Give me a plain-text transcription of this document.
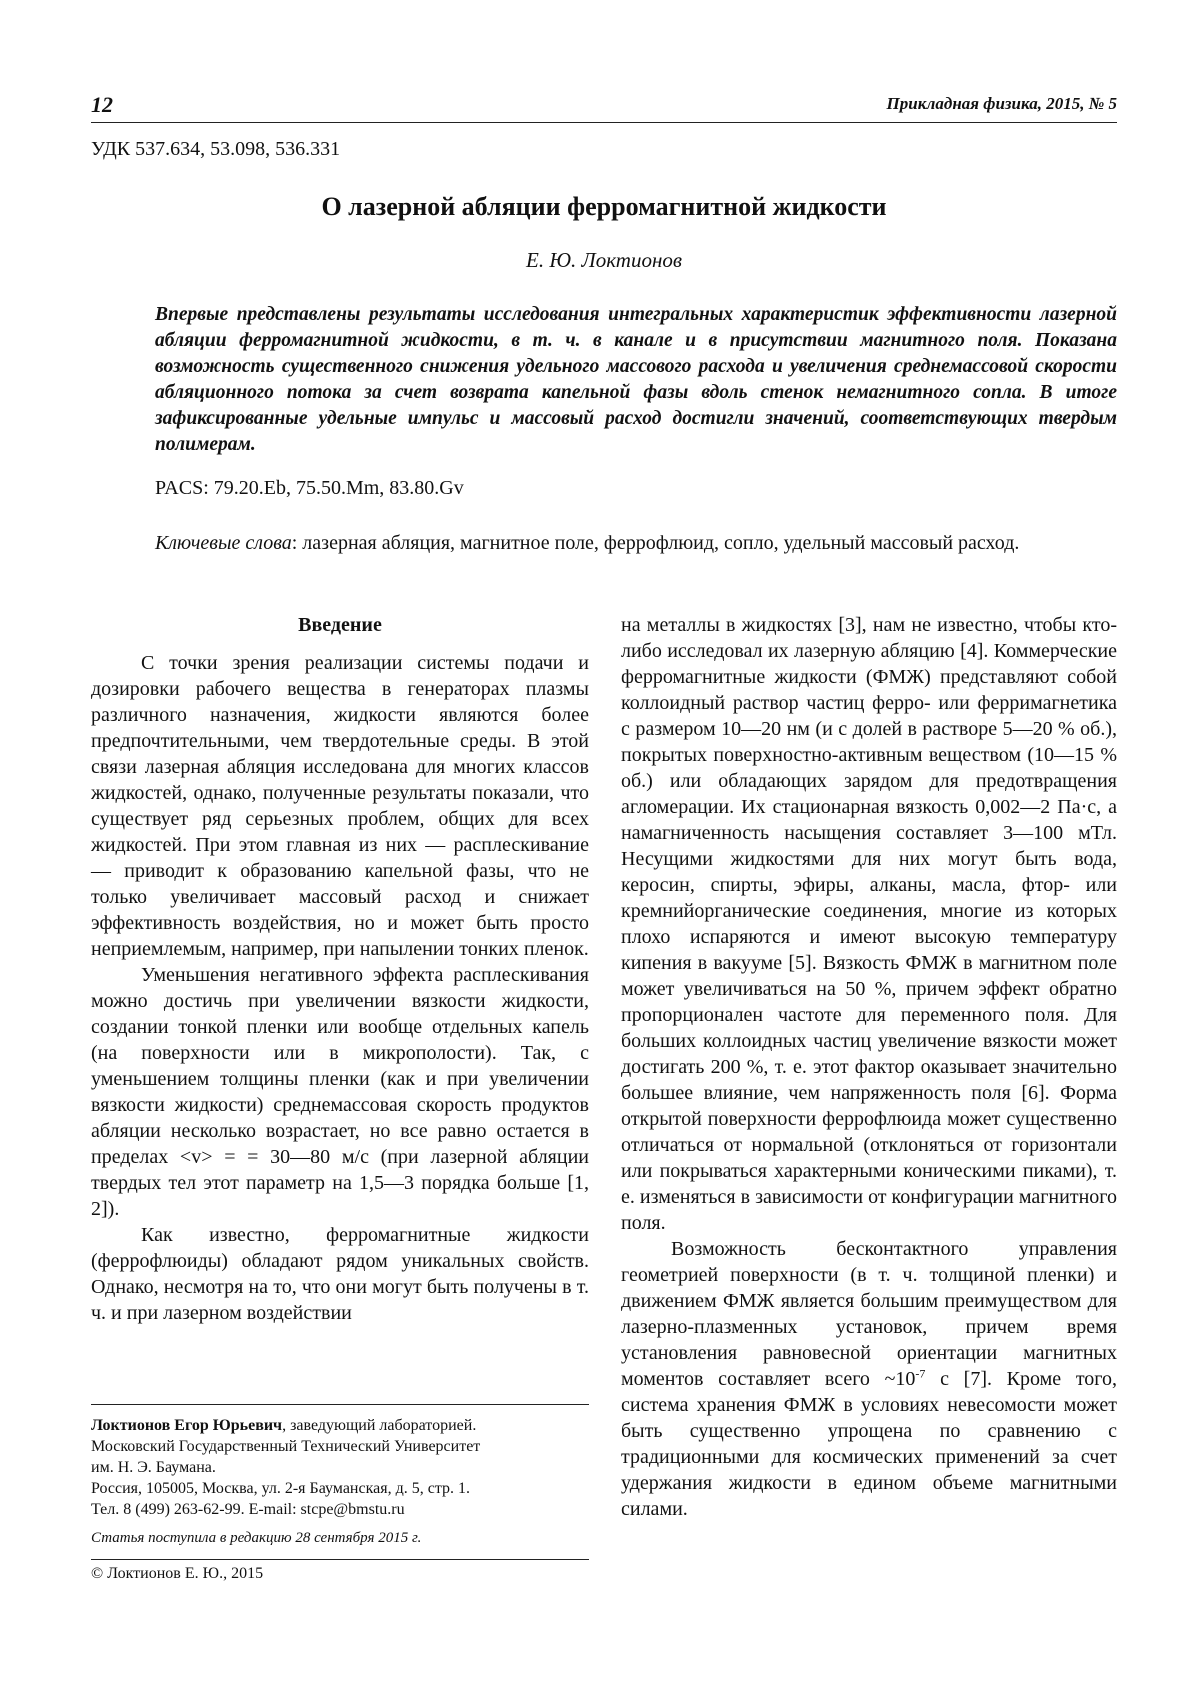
12	Прикладная физика, 2015, № 5
УДК 537.634, 53.098, 536.331
О лазерной абляции ферромагнитной жидкости
Е. Ю. Локтионов

Впервые представлены результаты исследования интегральных характеристик эффективности лазерной абляции ферромагнитной жидкости, в т. ч. в канале и в присутствии магнитного поля. Показана возможность существенного снижения удельного массового расхода и увеличения среднемассовой скорости абляционного потока за счет возврата капельной фазы вдоль стенок немагнитного сопла. В итоге зафиксированные удельные импульс и массовый расход достигли значений, соответствующих твердым полимерам.

PACS: 79.20.Eb, 75.50.Mm, 83.80.Gv

Ключевые слова: лазерная абляция, магнитное поле, феррофлюид, сопло, удельный массовый расход.

Введение

С точки зрения реализации системы подачи и дозировки рабочего вещества в генераторах плазмы различного назначения, жидкости являются более предпочтительными, чем твердотельные среды. В этой связи лазерная абляция исследована для многих классов жидкостей, однако, полученные результаты показали, что существует ряд серьезных проблем, общих для всех жидкостей. При этом главная из них — расплескивание — приводит к образованию капельной фазы, что не только увеличивает массовый расход и снижает эффективность воздействия, но и может быть просто неприемлемым, например, при напылении тонких пленок.

Уменьшения негативного эффекта расплескивания можно достичь при увеличении вязкости жидкости, создании тонкой пленки или вообще отдельных капель (на поверхности или в микрополости). Так, с уменьшением толщины пленки (как и при увеличении вязкости жидкости) среднемассовая скорость продуктов абляции несколько возрастает, но все равно остается в пределах <v> = = 30—80 м/с (при лазерной абляции твердых тел этот параметр на 1,5—3 порядка больше [1, 2]).

Как известно, ферромагнитные жидкости (феррофлюиды) обладают рядом уникальных свойств. Однако, несмотря на то, что они могут быть получены в т. ч. и при лазерном воздействии

на металлы в жидкостях [3], нам не известно, чтобы кто-либо исследовал их лазерную абляцию [4]. Коммерческие ферромагнитные жидкости (ФМЖ) представляют собой коллоидный раствор частиц ферро- или ферримагнетика с размером 10—20 нм (и с долей в растворе 5—20 % об.), покрытых поверхностно-активным веществом (10—15 % об.) или обладающих зарядом для предотвращения агломерации. Их стационарная вязкость 0,002—2 Па·с, а намагниченность насыщения составляет 3—100 мТл. Несущими жидкостями для них могут быть вода, керосин, спирты, эфиры, алканы, масла, фтор- или кремнийорганические соединения, многие из которых плохо испаряются и имеют высокую температуру кипения в вакууме [5]. Вязкость ФМЖ в магнитном поле может увеличиваться на 50 %, причем эффект обратно пропорционален частоте для переменного поля. Для больших коллоидных частиц увеличение вязкости может достигать 200 %, т. е. этот фактор оказывает значительно большее влияние, чем напряженность поля [6]. Форма открытой поверхности феррофлюида может существенно отличаться от нормальной (отклоняться от горизонтали или покрываться характерными коническими пиками), т. е. изменяться в зависимости от конфигурации магнитного поля.

Возможность бесконтактного управления геометрией поверхности (в т. ч. толщиной пленки) и движением ФМЖ является большим преимуществом для лазерно-плазменных установок, причем время установления равновесной ориентации магнитных моментов составляет всего $\sim 10^{-7}$ с [7]. Кроме того, система хранения ФМЖ в условиях невесомости может быть существенно упрощена по сравнению с традиционными для космических применений за счет удержания жидкости в едином объеме магнитными силами.

Локтионов Егор Юрьевич, заведующий лабораторией.

Московский Государственный Технический Университет

им. Н. Э. Баумана.

Россия, 105005, Москва, ул. 2-я Бауманская, д. 5, стр. 1.

Тел. 8 (499) 263-62-99. E-mail: stcpe@bmstu.ru

Статья поступила в редакцию 28 сентября 2015 г.
© Локтионов Е. Ю., 2015
